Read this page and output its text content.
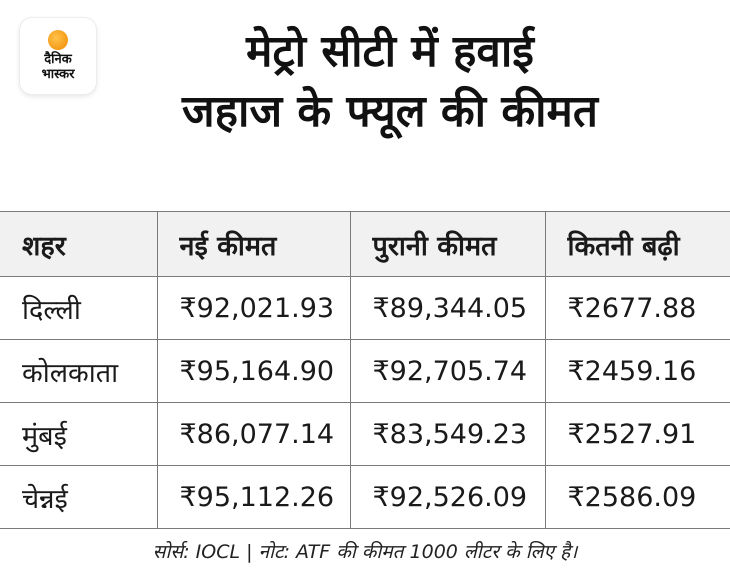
दैनिक
भास्कर	मेट्रो सीटी में हवाई
जहाज के फ्यूल की कीमत
शहर	नई कीमत	पुरानी कीमत	कितनी बढ़ी
दिल्ली	₹92,021.93	₹89,344.05	₹2677.88
कोलकाता	₹95,164.90	₹92,705.74	₹2459.16
मुंबई	₹86,077.14	₹83,549.23	₹2527.91
चेन्नई	₹95,112.26	₹92,526.09	₹2586.09
सोर्स: IOCL | नोट: ATF की कीमत 1000 लीटर के लिए है।
